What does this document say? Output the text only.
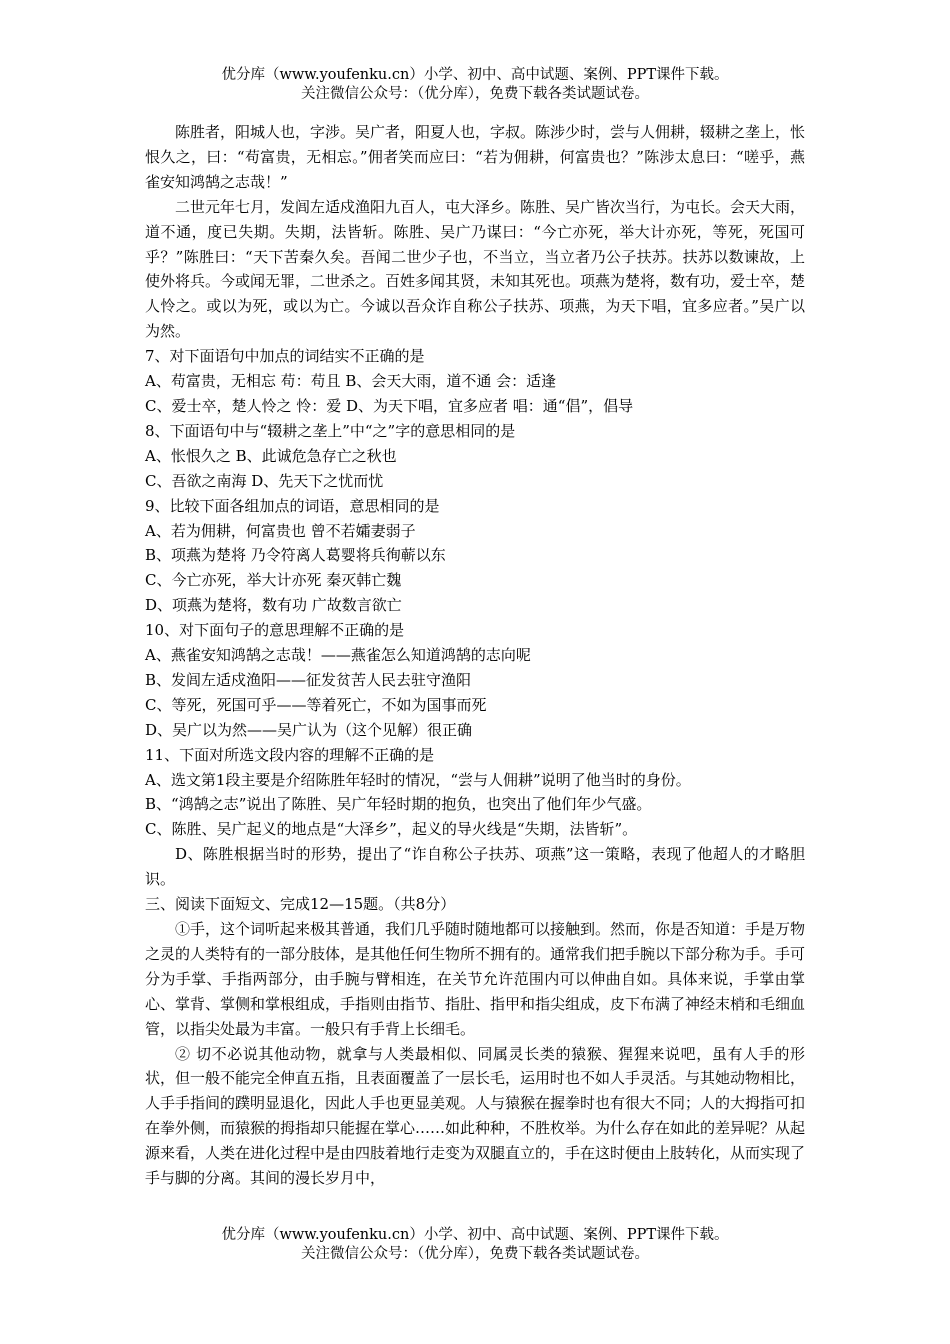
优分库（www.youfenku.cn）小学、初中、高中试题、案例、PPT课件下载。
关注微信公众号：（优分库），免费下载各类试题试卷。

陈胜者，阳城人也，字涉。吴广者，阳夏人也，字叔。陈涉少时，尝与人佣耕，辍耕之垄上，怅恨久之，曰：“苟富贵，无相忘。”佣者笑而应曰：“若为佣耕，何富贵也？”陈涉太息曰：“嗟乎，燕雀安知鸿鹄之志哉！”

二世元年七月，发闾左适戍渔阳九百人，屯大泽乡。陈胜、吴广皆次当行，为屯长。会天大雨，道不通，度已失期。失期，法皆斩。陈胜、吴广乃谋曰：“今亡亦死，举大计亦死，等死，死国可乎？”陈胜曰：“天下苦秦久矣。吾闻二世少子也，不当立，当立者乃公子扶苏。扶苏以数谏故，上使外将兵。今或闻无罪，二世杀之。百姓多闻其贤，未知其死也。项燕为楚将，数有功，爱士卒，楚人怜之。或以为死，或以为亡。今诚以吾众诈自称公子扶苏、项燕，为天下唱，宜多应者。”吴广以为然。

7、对下面语句中加点的词结实不正确的是

A、苟富贵，无相忘 苟：苟且 B、会天大雨，道不通 会：适逢

C、爱士卒，楚人怜之 怜：爱 D、为天下唱，宜多应者 唱：通“倡”，倡导

8、下面语句中与“辍耕之垄上”中“之”字的意思相同的是

A、怅恨久之 B、此诚危急存亡之秋也

C、吾欲之南海 D、先天下之忧而忧

9、比较下面各组加点的词语，意思相同的是

A、若为佣耕，何富贵也 曾不若孀妻弱子

B、项燕为楚将 乃令符离人葛婴将兵徇蕲以东

C、今亡亦死，举大计亦死 秦灭韩亡魏

D、项燕为楚将，数有功 广故数言欲亡

10、对下面句子的意思理解不正确的是

A、燕雀安知鸿鹄之志哉！——燕雀怎么知道鸿鹄的志向呢

B、发闾左适戍渔阳——征发贫苦人民去驻守渔阳

C、等死，死国可乎——等着死亡，不如为国事而死

D、吴广以为然——吴广认为（这个见解）很正确

11、下面对所选文段内容的理解不正确的是

A、选文第1段主要是介绍陈胜年轻时的情况，“尝与人佣耕”说明了他当时的身份。

B、“鸿鹄之志”说出了陈胜、吴广年轻时期的抱负，也突出了他们年少气盛。

C、陈胜、吴广起义的地点是“大泽乡”，起义的导火线是“失期，法皆斩”。

D、陈胜根据当时的形势，提出了“诈自称公子扶苏、项燕”这一策略，表现了他超人的才略胆识。

三、阅读下面短文、完成12—15题。（共8分）

①手，这个词听起来极其普通，我们几乎随时随地都可以接触到。然而，你是否知道：手是万物之灵的人类特有的一部分肢体，是其他任何生物所不拥有的。通常我们把手腕以下部分称为手。手可分为手掌、手指两部分，由手腕与臂相连，在关节允许范围内可以伸曲自如。具体来说，手掌由掌心、掌背、掌侧和掌根组成，手指则由指节、指肚、指甲和指尖组成，皮下布满了神经末梢和毛细血管，以指尖处最为丰富。一般只有手背上长细毛。

② 切不必说其他动物，就拿与人类最相似、同属灵长类的猿猴、猩猩来说吧，虽有人手的形状，但一般不能完全伸直五指，且表面覆盖了一层长毛，运用时也不如人手灵活。与其她动物相比，人手手指间的蹼明显退化，因此人手也更显美观。人与猿猴在握拳时也有很大不同；人的大拇指可扣在拳外侧，而猿猴的拇指却只能握在掌心……如此种种，不胜枚举。为什么存在如此的差异呢？从起源来看，人类在进化过程中是由四肢着地行走变为双腿直立的，手在这时便由上肢转化，从而实现了手与脚的分离。其间的漫长岁月中，

优分库（www.youfenku.cn）小学、初中、高中试题、案例、PPT课件下载。
关注微信公众号：（优分库），免费下载各类试题试卷。
